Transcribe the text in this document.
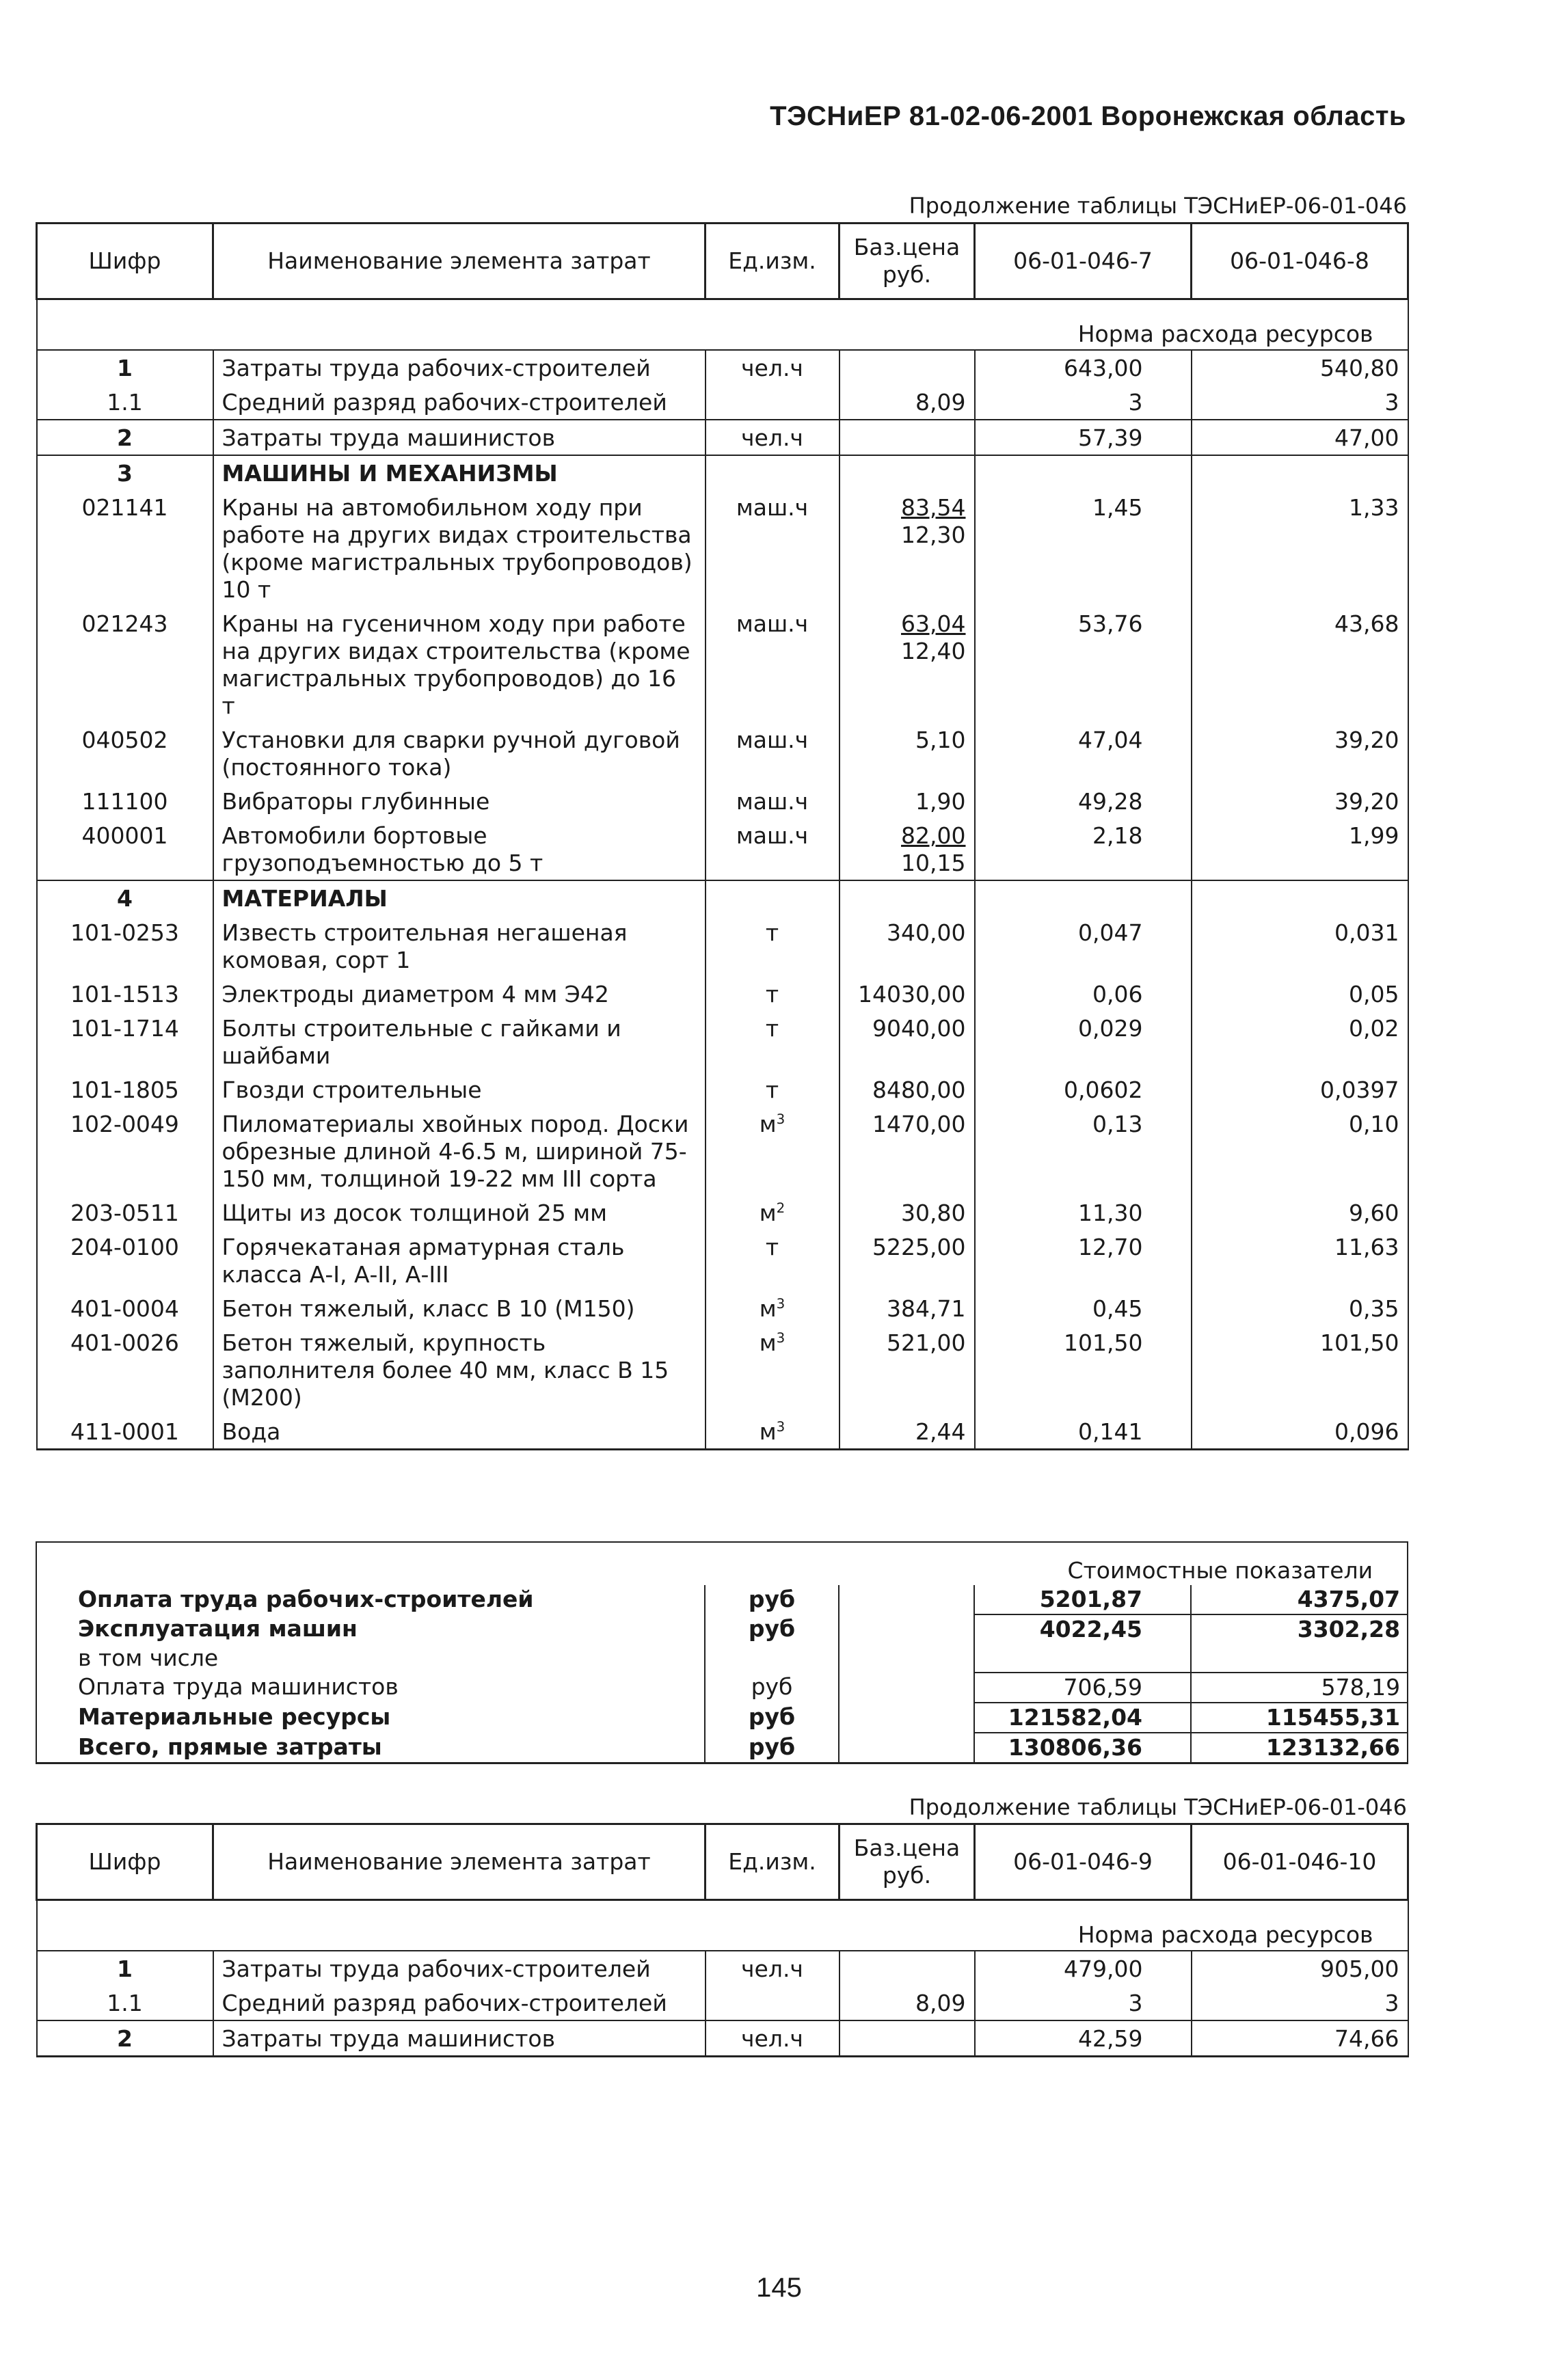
ТЭСНиЕР 81-02-06-2001 Воронежская область
Продолжение таблицы ТЭСНиЕР-06-01-046
Шифр	Наименование элемента затрат	Ед.изм.	Баз.цена руб.	06-01-046-7	06-01-046-8
Норма расхода ресурсов					
1	Затраты труда рабочих-строителей	чел.ч		643,00	540,80
1.1	Средний разряд рабочих-строителей		8,09	3	3
2	Затраты труда машинистов	чел.ч		57,39	47,00
3	МАШИНЫ И МЕХАНИЗМЫ				
021141	Краны на автомобильном ходу при работе на других видах строительства (кроме магистральных трубопроводов) 10 т	маш.ч	$\frac{83,54}{12,30}$	1,45	1,33
021243	Краны на гусеничном ходу при работе на других видах строительства (кроме магистральных трубопроводов) до 16 т	маш.ч	$\frac{63,04}{12,40}$	53,76	43,68
040502	Установки для сварки ручной дуговой (постоянного тока)	маш.ч	5,10	47,04	39,20
111100	Вибраторы глубинные	маш.ч	1,90	49,28	39,20
400001	Автомобили бортовые грузоподъемностью до 5 т	маш.ч	$\frac{82,00}{10,15}$	2,18	1,99
4	МАТЕРИАЛЫ				
101-0253	Известь строительная негашеная комовая, сорт 1	т	340,00	0,047	0,031
101-1513	Электроды диаметром 4 мм Э42	т	14030,00	0,06	0,05
101-1714	Болты строительные с гайками и шайбами	т	9040,00	0,029	0,02
101-1805	Гвозди строительные	т	8480,00	0,0602	0,0397
102-0049	Пиломатериалы хвойных пород. Доски обрезные длиной 4-6.5 м, шириной 75-150 мм, толщиной 19-22 мм III сорта	$м^3$	1470,00	0,13	0,10
203-0511	Щиты из досок толщиной 25 мм	$м^2$	30,80	11,30	9,60
204-0100	Горячекатаная арматурная сталь класса А-I, А-II, А-III	т	5225,00	12,70	11,63
401-0004	Бетон тяжелый, класс В 10 (М150)	$м^3$	384,71	0,45	0,35
401-0026	Бетон тяжелый, крупность заполнителя более 40 мм, класс В 15 (М200)	$м^3$	521,00	101,50	101,50
411-0001	Вода	$м^3$	2,44	0,141	0,096
Стоимостные показатели				
Оплата труда рабочих-строителей	руб		5201,87	4375,07
Эксплуатация машин	руб		4022,45	3302,28
в том числе				
Оплата труда машинистов	руб		706,59	578,19
Материальные ресурсы	руб		121582,04	115455,31
Всего, прямые затраты	руб		130806,36	123132,66
Продолжение таблицы ТЭСНиЕР-06-01-046
Шифр	Наименование элемента затрат	Ед.изм.	Баз.цена руб.	06-01-046-9	06-01-046-10
Норма расхода ресурсов					
1	Затраты труда рабочих-строителей	чел.ч		479,00	905,00
1.1	Средний разряд рабочих-строителей		8,09	3	3
2	Затраты труда машинистов	чел.ч		42,59	74,66
145
